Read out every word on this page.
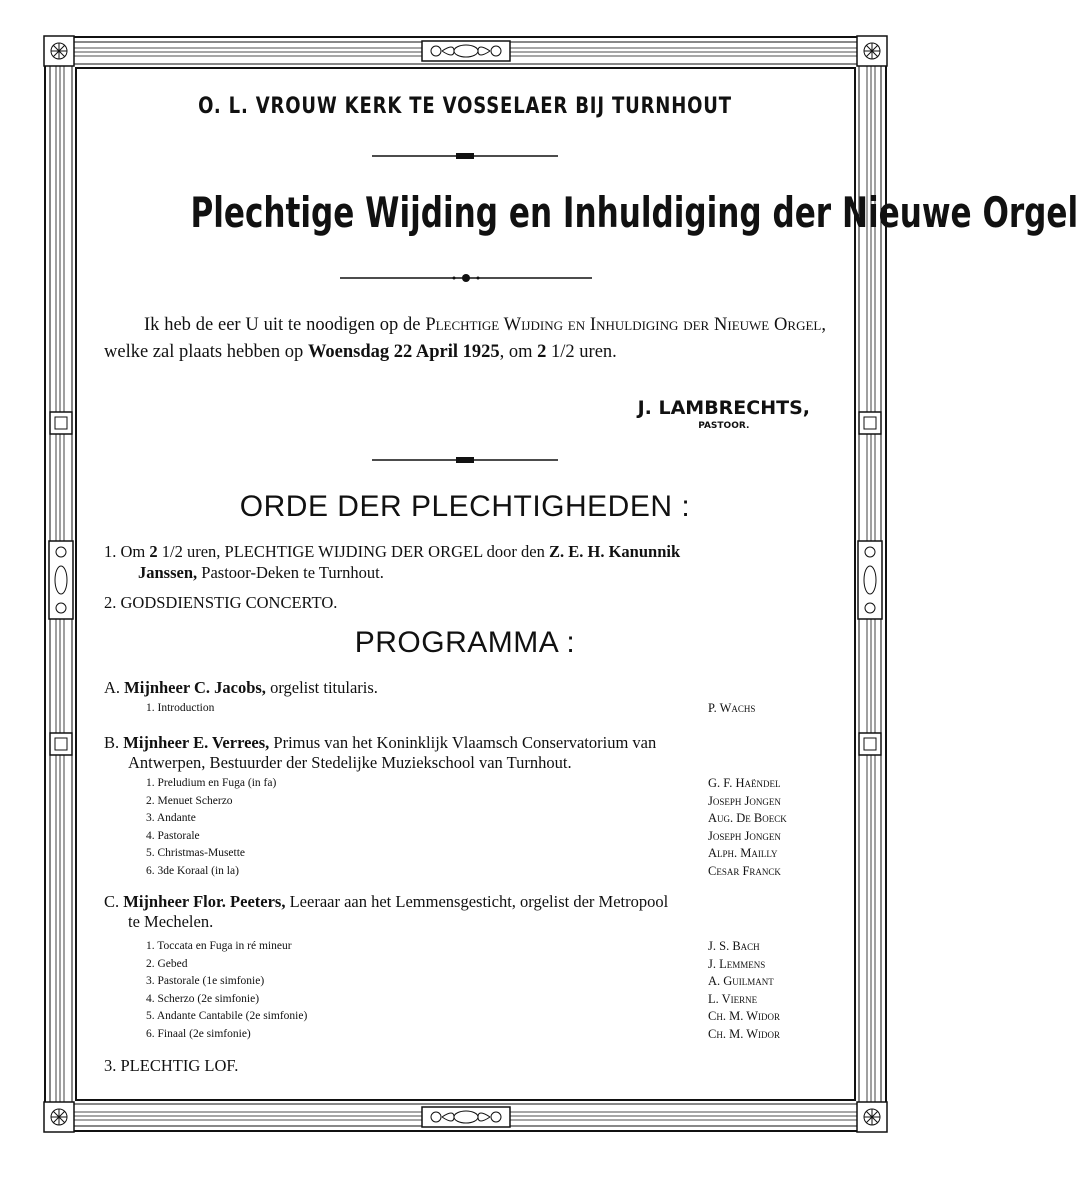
O. L. VROUW KERK TE VOSSELAER BIJ TURNHOUT
Plechtige Wijding en Inhuldiging der Nieuwe Orgel

Ik heb de eer U uit te noodigen op de Plechtige Wijding en Inhuldiging der Nieuwe Orgel, welke zal plaats hebben op Woensdag 22 April 1925, om 2 1/2 uren.

J. LAMBRECHTS,
PASTOOR.
ORDE DER PLECHTIGHEDEN :
1. Om 2 1/2 uren, PLECHTIGE WIJDING DER ORGEL door den Z. E. H. Kanunnik
Janssen, Pastoor-Deken te Turnhout.
2. GODSDIENSTIG CONCERTO.
PROGRAMMA :
A. Mijnheer C. Jacobs, orgelist titularis.
1. Introduction	P. Wachs
B. Mijnheer E. Verrees, Primus van het Koninklijk Vlaamsch Conservatorium van
Antwerpen, Bestuurder der Stedelijke Muziekschool van Turnhout.
1. Preludium en Fuga (in fa)	G. F. Haëndel
2. Menuet Scherzo	Joseph Jongen
3. Andante	Aug. De Boeck
4. Pastorale	Joseph Jongen
5. Christmas-Musette	Alph. Mailly
6. 3de Koraal (in la)	Cesar Franck
C. Mijnheer Flor. Peeters, Leeraar aan het Lemmensgesticht, orgelist der Metropool
te Mechelen.
1. Toccata en Fuga in ré mineur	J. S. Bach
2. Gebed	J. Lemmens
3. Pastorale (1e simfonie)	A. Guilmant
4. Scherzo (2e simfonie)	L. Vierne
5. Andante Cantabile (2e simfonie)	Ch. M. Widor
6. Finaal (2e simfonie)	Ch. M. Widor
3. PLECHTIG LOF.
